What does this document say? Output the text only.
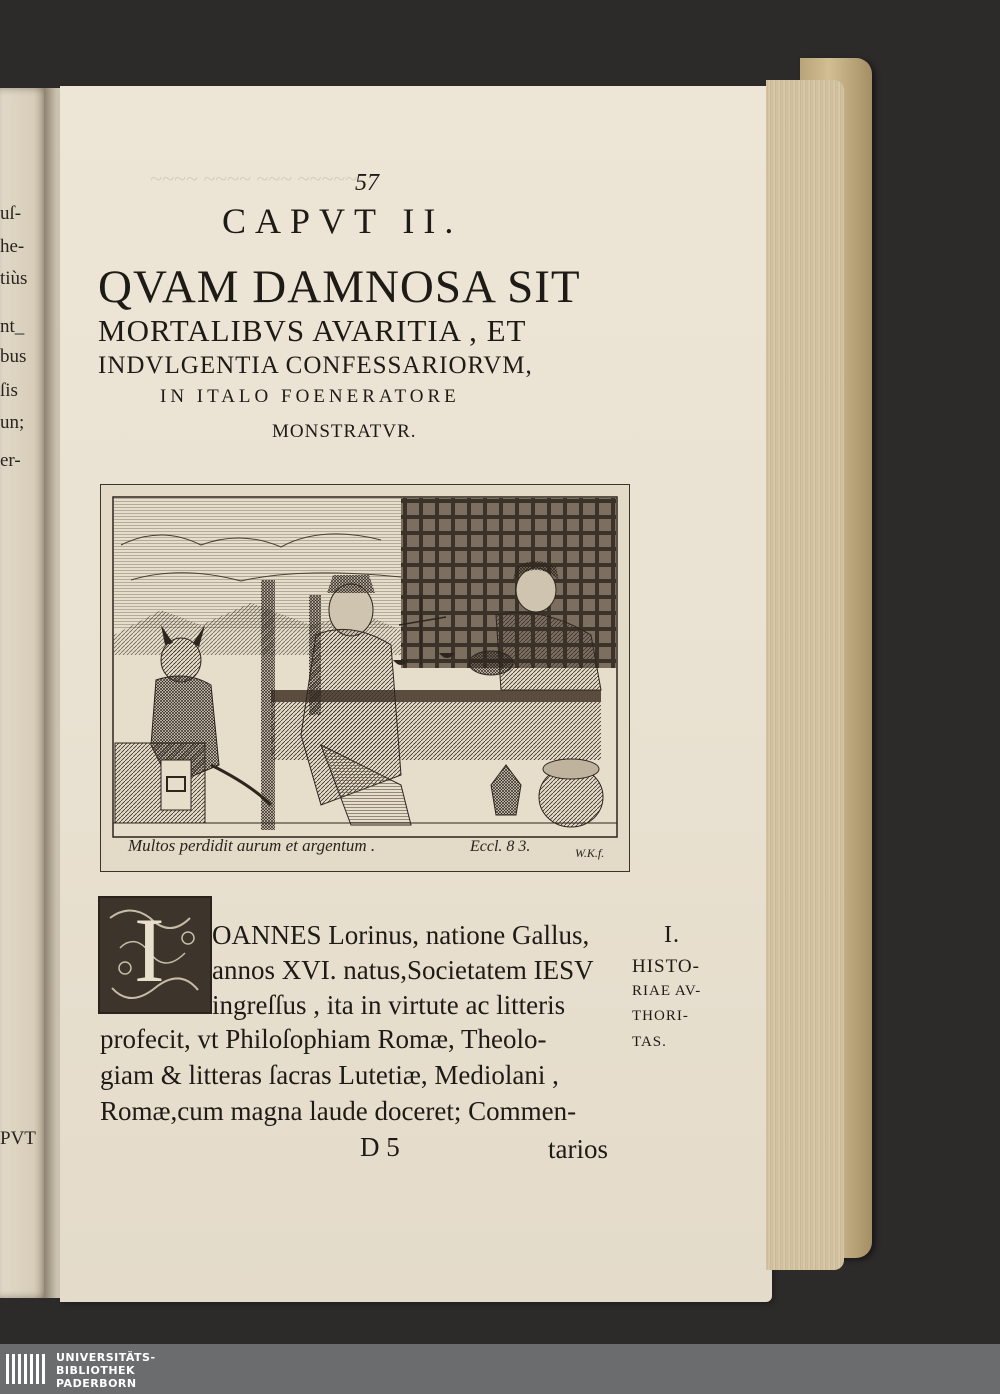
uſ-
he-
tiùs
nt_
bus
ſis
un;
er-
PVT
~~~~ ~~~~ ~~~ ~~~~~
57
CAPVT II.
QVAM DAMNOSA SIT
MORTALIBVS AVARITIA , ET
INDVLGENTIA CONFESSARIORVM,
IN ITALO FOENERATORE
MONSTRATVR.
Multos perdidit aurum et argentum .	Eccl. 8 3.	W.K.f.
I OANNES Lorinus, natione Gallus,
annos XVI. natus,Societatem IESV
ingreſſus , ita in virtute ac litteris
profecit, vt Philoſophiam Romæ, Theolo-
giam & litteras ſacras Lutetiæ, Mediolani ,
Romæ,cum magna laude doceret; Commen-
I.
HISTO-
RIAE AV-
THORI-
TAS.
D 5	tarios
UNIVERSITÄTS-
BIBLIOTHEK
PADERBORN
